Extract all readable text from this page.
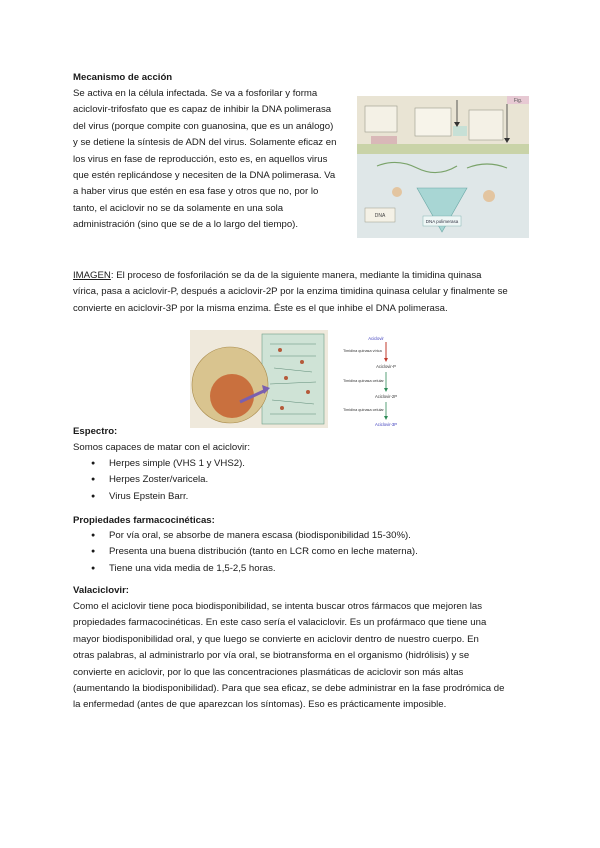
Mecanismo de acción
Se activa en la célula infectada. Se va a fosforilar y forma
aciclovir-trifosfato que es capaz de inhibir la DNA polimerasa
del virus (porque compite con guanosina, que es un análogo)
y se detiene la síntesis de ADN del virus. Solamente eficaz en
los virus en fase de reproducción, esto es, en aquellos virus
que estén replicándose y necesiten de la DNA polimerasa. Va
a haber virus que estén en esa fase y otros que no, por lo
tanto, el aciclovir no se da solamente en una sola
administración (sino que se de a lo largo del tiempo).
Fig.
DNA
DNA polimerasa
IMAGEN: El proceso de fosforilación se da de la siguiente manera, mediante la timidina quinasa
vírica, pasa a aciclovir-P, después a aciclovir-2P por la enzima timidina quinasa celular y finalmente se
convierte en aciclovir-3P por la misma enzima. Éste es el que inhibe el DNA polimerasa.
Aciclovir
Timidina quinasa vírica
Aciclovir-P
Timidina quinasa celular
Aciclovir-2P
Timidina quinasa celular
Aciclovir-3P
Espectro:
Somos capaces de matar con el aciclovir:
● Herpes simple (VHS 1 y VHS2).
● Herpes Zoster/varicela.
● Virus Epstein Barr.
Propiedades farmacocinéticas:
● Por vía oral, se absorbe de manera escasa (biodisponibilidad 15-30%).
● Presenta una buena distribución (tanto en LCR como en leche materna).
● Tiene una vida media de 1,5-2,5 horas.
Valaciclovir:
Como el aciclovir tiene poca biodisponibilidad, se intenta buscar otros fármacos que mejoren las
propiedades farmacocinéticas. En este caso sería el valaciclovir. Es un profármaco que tiene una
mayor biodisponibilidad oral, y que luego se convierte en aciclovir dentro de nuestro cuerpo. En
otras palabras, al administrarlo por vía oral, se biotransforma en el organismo (hidrólisis) y se
convierte en aciclovir, por lo que las concentraciones plasmáticas de aciclovir son más altas
(aumentando la biodisponibilidad). Para que sea eficaz, se debe administrar en la fase prodrómica de
la enfermedad (antes de que aparezcan los síntomas). Eso es prácticamente imposible.
